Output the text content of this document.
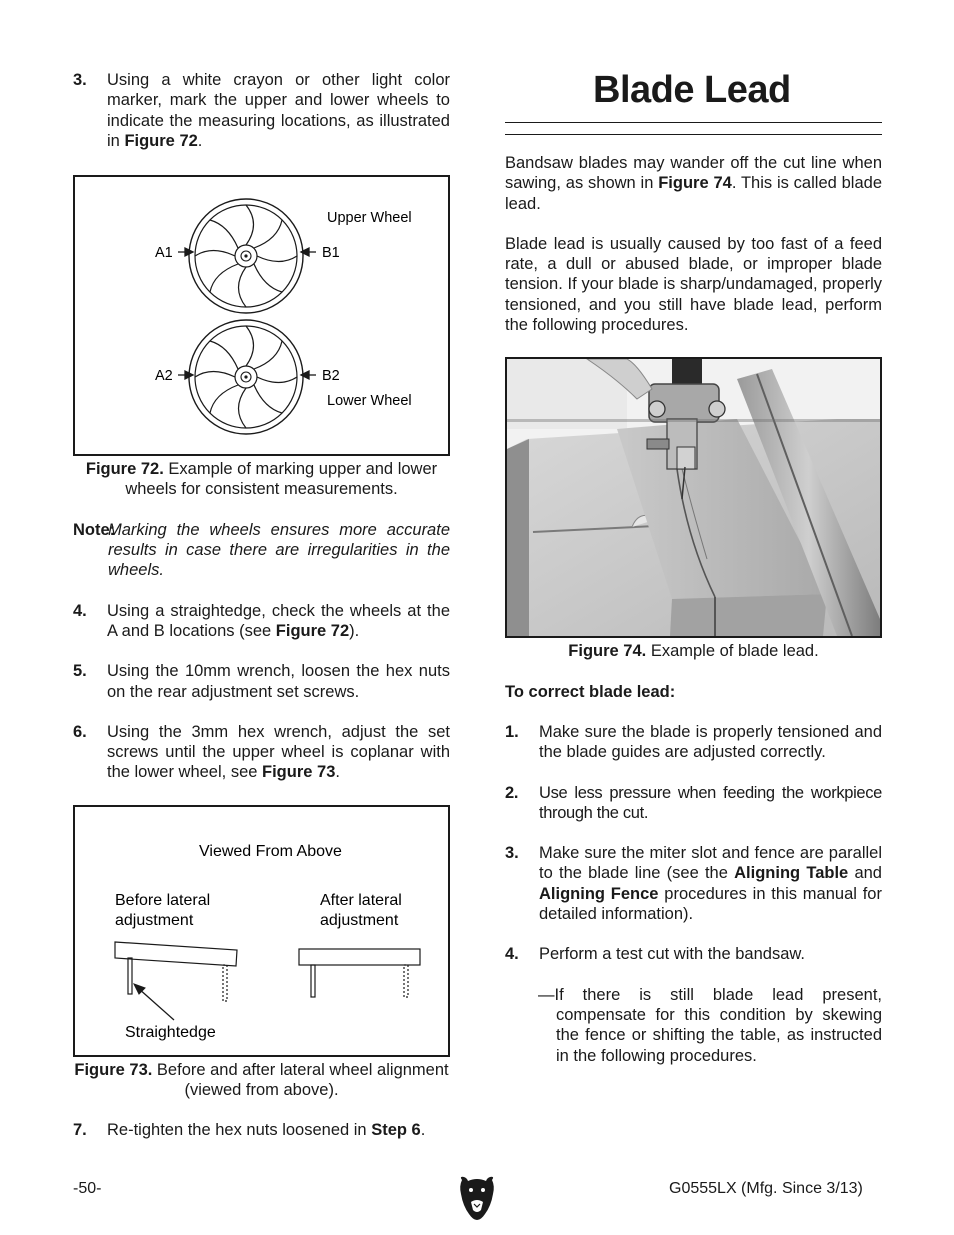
3. Using a white crayon or other light color marker, mark the upper and lower wheels to indicate the measuring locations, as illustrated in Figure 72.
Upper Wheel
Lower Wheel
A1	B1
A2	B2
Figure 72. Example of marking upper and lower wheels for consistent measurements.
Note:
Marking the wheels ensures more accurate results in case there are irregularities in the wheels.
4. Using a straightedge, check the wheels at the A and B locations (see Figure 72).
5. Using the 10mm wrench, loosen the hex nuts on the rear adjustment set screws.
6. Using the 3mm hex wrench, adjust the set screws until the upper wheel is coplanar with the lower wheel, see Figure 73.
Viewed From Above
Before lateral
adjustment
After lateral
adjustment
Straightedge
Figure 73. Before and after lateral wheel alignment (viewed from above).
7. Re-tighten the hex nuts loosened in Step 6.
Blade Lead

Bandsaw blades may wander off the cut line when sawing, as shown in Figure 74. This is called blade lead.

Blade lead is usually caused by too fast of a feed rate, a dull or abused blade, or improper blade tension. If your blade is sharp/undamaged, properly tensioned, and you still have blade lead, perform the following procedures.

Figure 74. Example of blade lead.

To correct blade lead:

1. Make sure the blade is properly tensioned and the blade guides are adjusted correctly.
2. Use less pressure when feeding the workpiece through the cut.
3. Make sure the miter slot and fence are parallel to the blade line (see the Aligning Table and Aligning Fence procedures in this manual for detailed information).
4. Perform a test cut with the bandsaw.

—If there is still blade lead present, compensate for this condition by skewing the fence or shifting the table, as instructed in the following procedures.

-50-	G0555LX (Mfg. Since 3/13)
